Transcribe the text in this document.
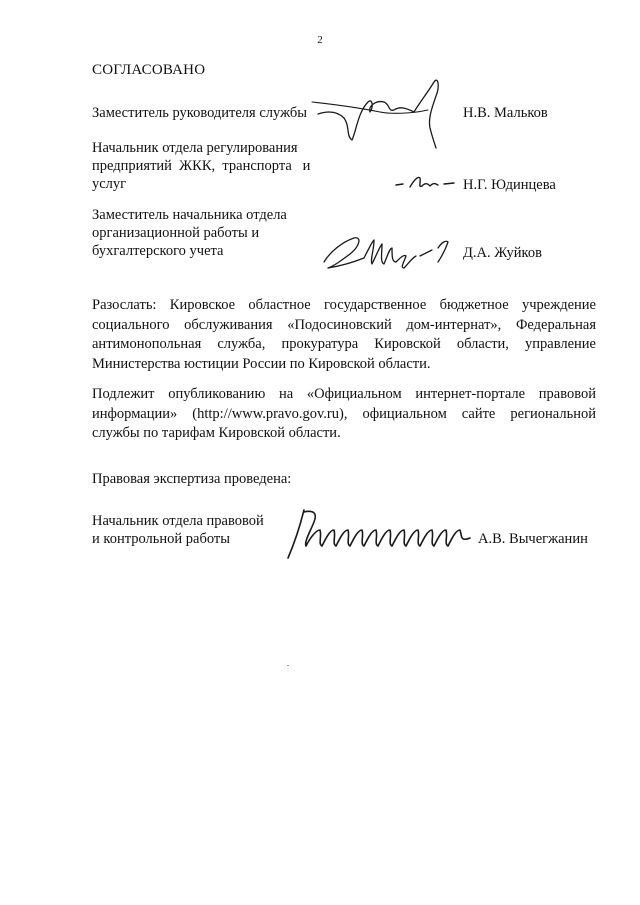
2
СОГЛАСОВАНО
Заместитель руководителя службы	Н.В. Мальков
Начальник отдела регулирования
предприятий  ЖКК,  транспорта   и
услуг	Н.Г. Юдинцева
Заместитель начальника отдела
организационной работы и
бухгалтерского учета	Д.А. Жуйков
Разослать: Кировское областное государственное бюджетное учреждение социального обслуживания «Подосиновский дом-интернат», Федеральная антимонопольная служба, прокуратура Кировской области, управление Министерства юстиции России по Кировской области.
Подлежит опубликованию на «Официальном интернет-портале правовой информации» (http://www.pravo.gov.ru), официальном сайте региональной службы по тарифам Кировской области.
Правовая экспертиза проведена:
Начальник отдела правовой
и контрольной работы	А.В. Вычегжанин
